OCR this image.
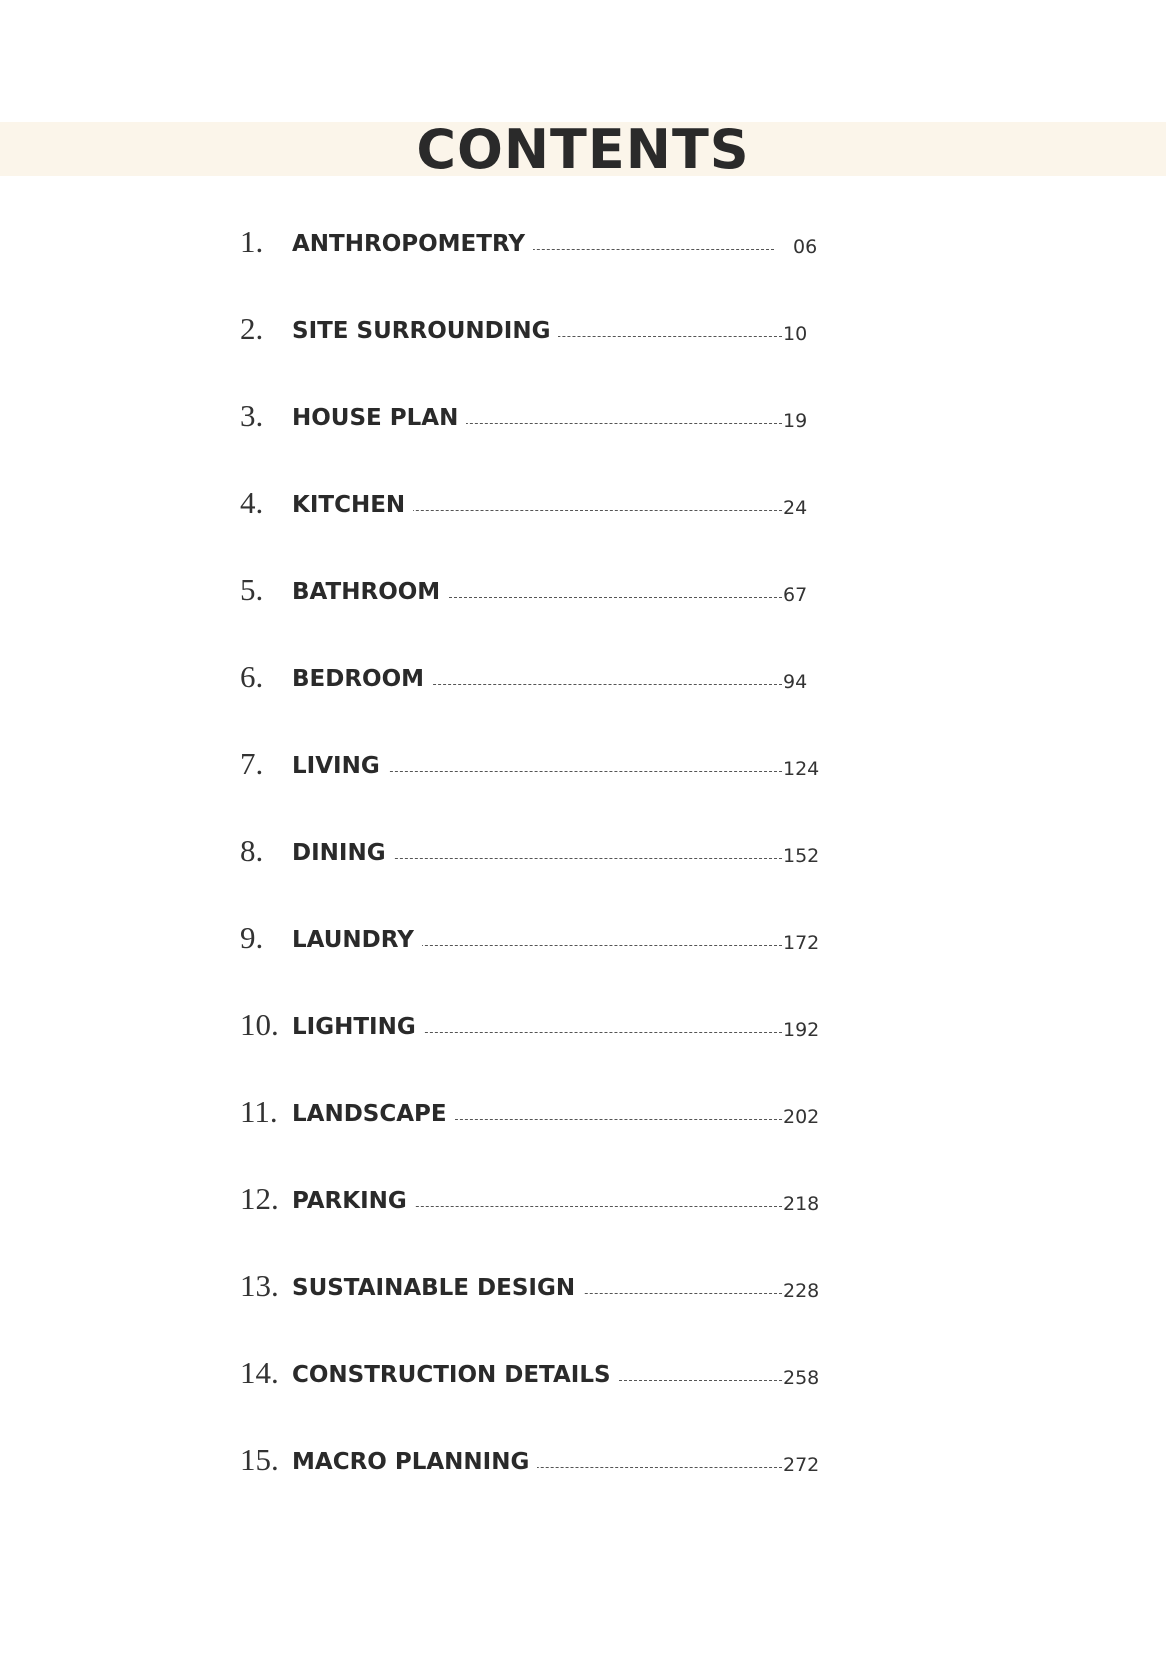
CONTENTS
1. ANTHROPOMETRY	06
2. SITE SURROUNDING	10
3. HOUSE PLAN	19
4. KITCHEN	24
5. BATHROOM	67
6. BEDROOM	94
7. LIVING	124
8. DINING	152
9. LAUNDRY	172
10. LIGHTING	192
11. LANDSCAPE	202
12. PARKING	218
13. SUSTAINABLE DESIGN	228
14. CONSTRUCTION DETAILS	258
15. MACRO PLANNING	272
